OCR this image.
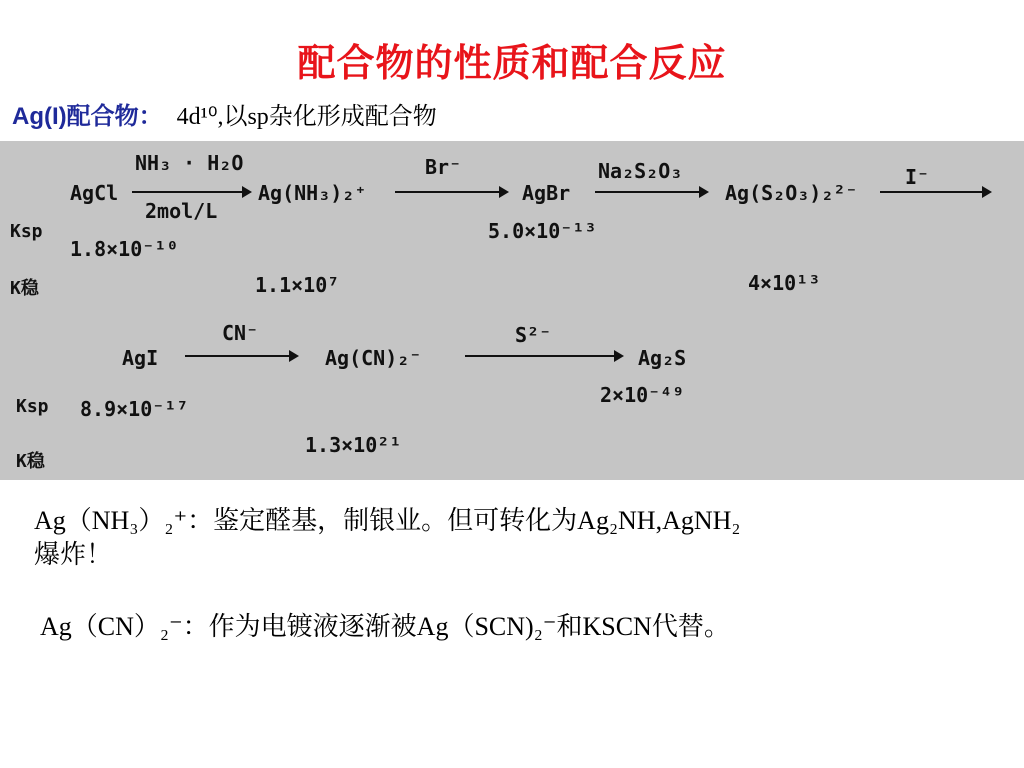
配合物的性质和配合反应
Ag(I)配合物： 4d¹⁰,以sp杂化形成配合物
AgCl
NH₃ · H₂O
2mol/L
Ag(NH₃)₂⁺
Br⁻
AgBr
Na₂S₂O₃
Ag(S₂O₃)₂²⁻
I⁻
Ksp
1.8×10⁻¹⁰
5.0×10⁻¹³
K稳	1.1×10⁷	4×10¹³
AgI
CN⁻
Ag(CN)₂⁻
S²⁻
Ag₂S
Ksp 8.9×10⁻¹⁷
2×10⁻⁴⁹
K稳
1.3×10²¹
Ag（NH₃）₂⁺：鉴定醛基，制银业。但可转化为Ag₂NH,AgNH₂
爆炸！
Ag（CN）₂⁻：作为电镀液逐渐被Ag（SCN)₂⁻和KSCN代替。
